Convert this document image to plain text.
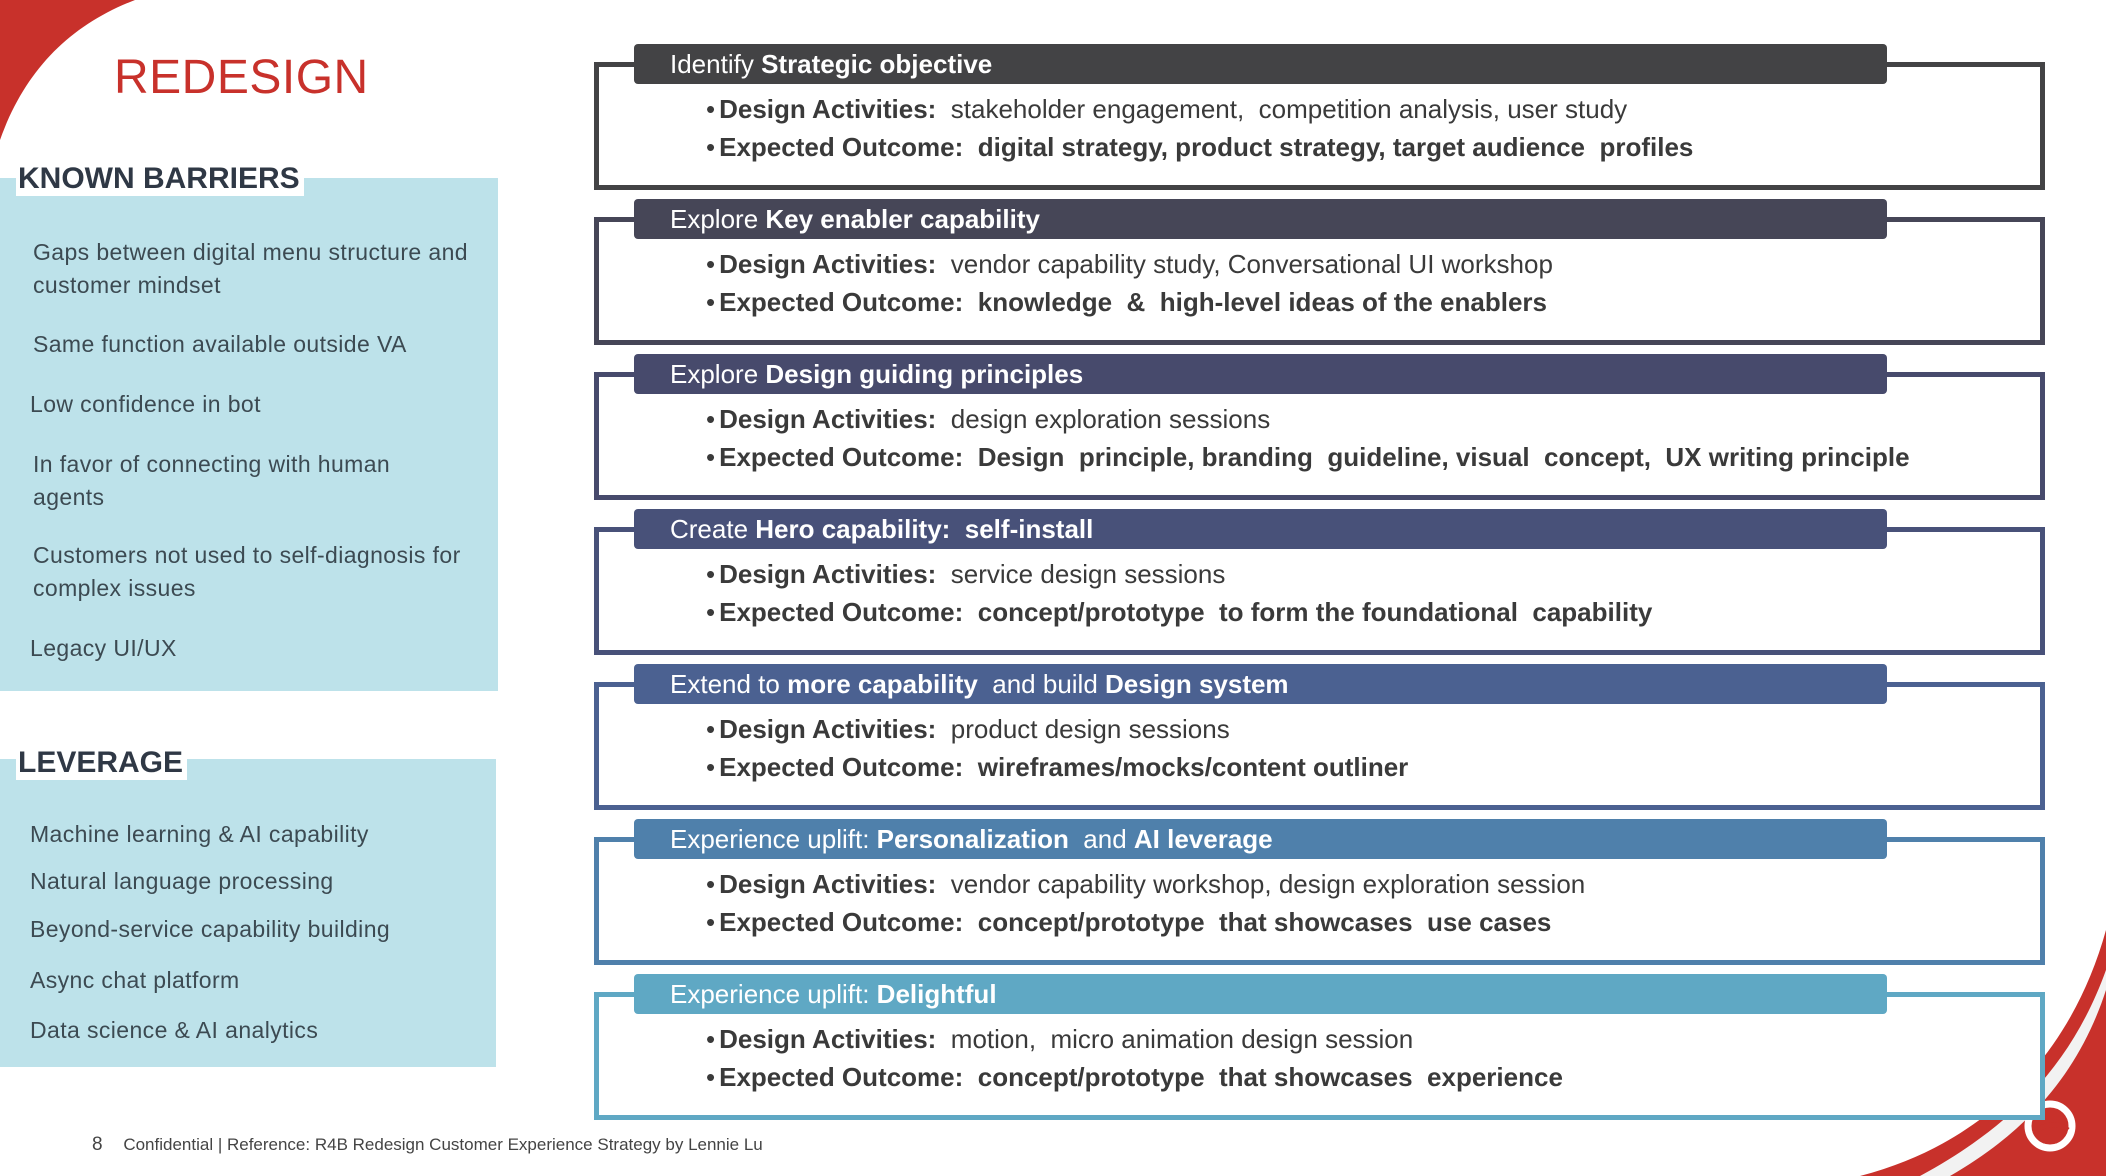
REDESIGN
KNOWN BARRIERS
Gaps between digital menu structure and customer mindset
Same function available outside VA
Low confidence in bot
In favor of connecting with human agents
Customers not used to self-diagnosis for complex issues
Legacy UI/UX
LEVERAGE
Machine learning & AI capability
Natural language processing
Beyond-service capability building
Async chat platform
Data science & AI analytics
Identify Strategic objective
• Design Activities: stakeholder engagement,  competition analysis, user study
• Expected Outcome: digital strategy, product strategy, target audience  profiles
Explore Key enabler capability
• Design Activities: vendor capability study, Conversational UI workshop
• Expected Outcome: knowledge  &  high-level ideas of the enablers
Explore Design guiding principles
• Design Activities: design exploration sessions
• Expected Outcome: Design  principle, branding  guideline, visual  concept,  UX writing principle
Create Hero capability:  self-install
• Design Activities: service design sessions
• Expected Outcome: concept/prototype  to form the foundational  capability
Extend to more capability  and build Design system
• Design Activities: product design sessions
• Expected Outcome: wireframes/mocks/content outliner
Experience uplift: Personalization  and AI leverage
• Design Activities: vendor capability workshop, design exploration session
• Expected Outcome: concept/prototype  that showcases  use cases
Experience uplift: Delightful
• Design Activities: motion,  micro animation design session
• Expected Outcome: concept/prototype  that showcases  experience
8 Confidential | Reference: R4B Redesign Customer Experience Strategy by Lennie Lu
